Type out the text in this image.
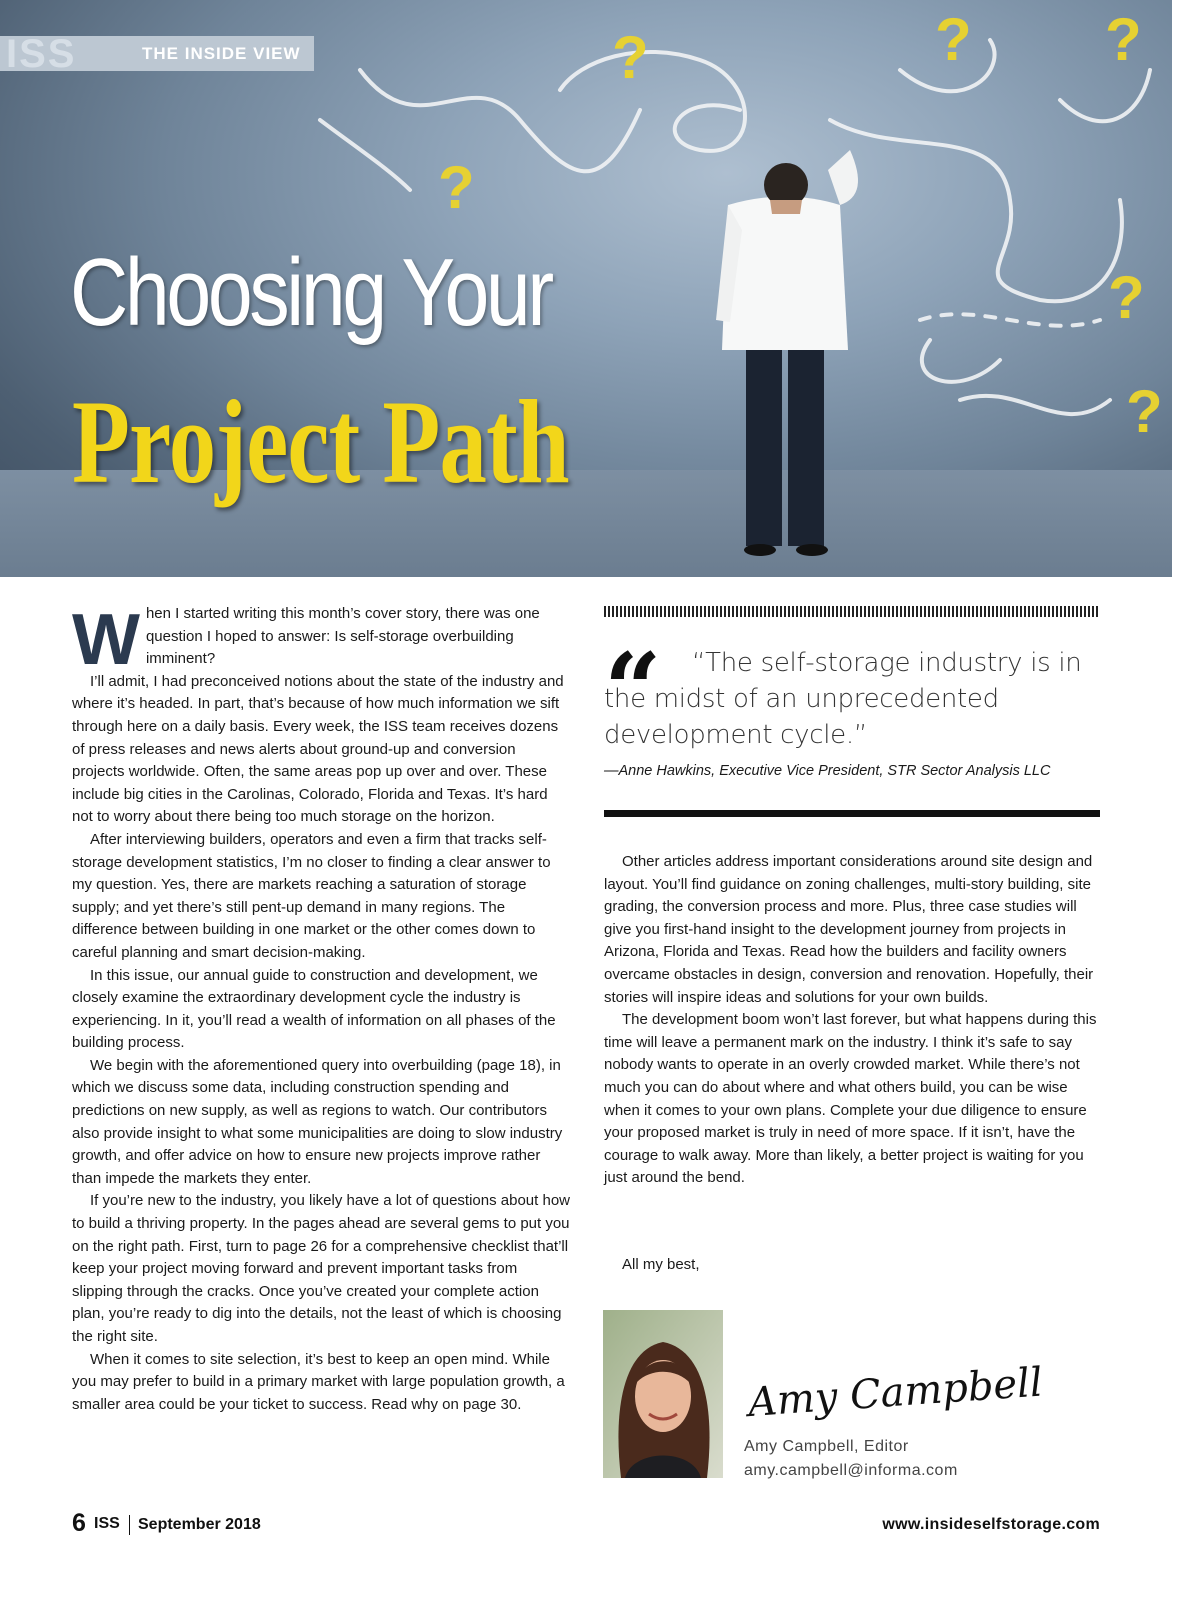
?	? ?
?
?
?
ISS	THE INSIDE VIEW
Choosing Your
Project Path
W hen I started writing this month’s cover story, there was one question I hoped to answer: Is self-storage overbuilding imminent?

I’ll admit, I had preconceived notions about the state of the industry and where it’s headed. In part, that’s because of how much information we sift through here on a daily basis. Every week, the ISS team receives dozens of press releases and news alerts about ground-up and conversion projects worldwide. Often, the same areas pop up over and over. These include big cities in the Carolinas, Colorado, Florida and Texas. It’s hard not to worry about there being too much storage on the horizon.

After interviewing builders, operators and even a firm that tracks self-storage development statistics, I’m no closer to finding a clear answer to my question. Yes, there are markets reaching a saturation of storage supply; and yet there’s still pent-up demand in many regions. The difference between building in one market or the other comes down to careful planning and smart decision-making.

In this issue, our annual guide to construction and development, we closely examine the extraordinary development cycle the industry is experiencing. In it, you’ll read a wealth of information on all phases of the building process.

We begin with the aforementioned query into overbuilding (page 18), in which we discuss some data, including construction spending and predictions on new supply, as well as regions to watch. Our contributors also provide insight to what some municipalities are doing to slow industry growth, and offer advice on how to ensure new projects improve rather than impede the markets they enter.

If you’re new to the industry, you likely have a lot of questions about how to build a thriving property. In the pages ahead are several gems to put you on the right path. First, turn to page 26 for a comprehensive checklist that’ll keep your project moving forward and prevent important tasks from slipping through the cracks. Once you’ve created your complete action plan, you’re ready to dig into the details, not the least of which is choosing the right site.

When it comes to site selection, it’s best to keep an open mind. While you may prefer to build in a primary market with large population growth, a smaller area could be your ticket to success. Read why on page 30.

“	“The self-storage industry is in the midst of an unprecedented development cycle.”
—Anne Hawkins, Executive Vice President, STR Sector Analysis LLC

Other articles address important considerations around site design and layout. You’ll find guidance on zoning challenges, multi-story building, site grading, the conversion process and more. Plus, three case studies will give you first-hand insight to the development journey from projects in Arizona, Florida and Texas. Read how the builders and facility owners overcame obstacles in design, conversion and renovation. Hopefully, their stories will inspire ideas and solutions for your own builds.

The development boom won’t last forever, but what happens during this time will leave a permanent mark on the industry. I think it’s safe to say nobody wants to operate in an overly crowded market. While there’s not much you can do about where and what others build, you can be wise when it comes to your own plans. Complete your due diligence to ensure your proposed market is truly in need of more space. If it isn’t, have the courage to walk away. More than likely, a better project is waiting for you just around the bend.

All my best,
Amy Campbell
Amy Campbell, Editor
amy.campbell@informa.com
6 ISS September 2018	www.insideselfstorage.com
